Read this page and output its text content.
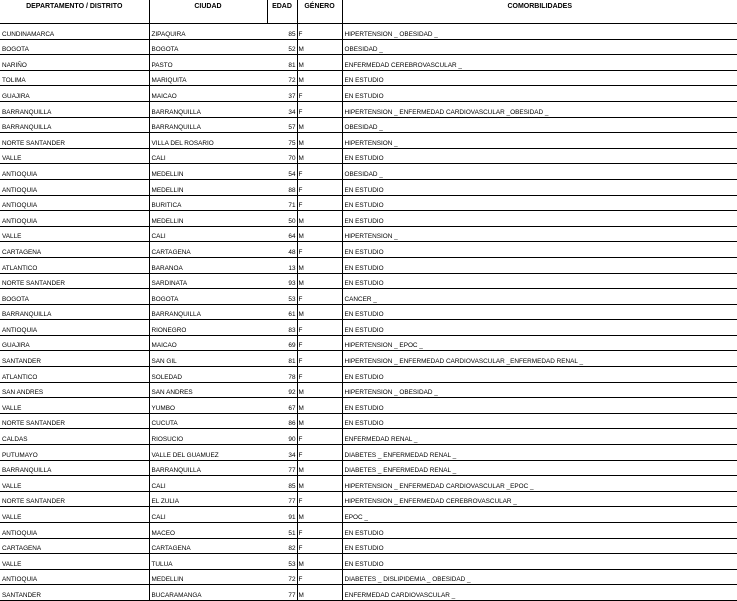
DEPARTAMENTO / DISTRITO	CIUDAD	EDAD	GÉNERO	COMORBILIDADES
CUNDINAMARCA	ZIPAQUIRA	85	F	HIPERTENSION _ OBESIDAD _
BOGOTA	BOGOTA	52	M	OBESIDAD _
NARIÑO	PASTO	81	M	ENFERMEDAD CEREBROVASCULAR _
TOLIMA	MARIQUITA	72	M	EN ESTUDIO
GUAJIRA	MAICAO	37	F	EN ESTUDIO
BARRANQUILLA	BARRANQUILLA	34	F	HIPERTENSION _ ENFERMEDAD CARDIOVASCULAR _OBESIDAD _
BARRANQUILLA	BARRANQUILLA	57	M	OBESIDAD _
NORTE SANTANDER	VILLA DEL ROSARIO	75	M	HIPERTENSION _
VALLE	CALI	70	M	EN ESTUDIO
ANTIOQUIA	MEDELLIN	54	F	OBESIDAD _
ANTIOQUIA	MEDELLIN	88	F	EN ESTUDIO
ANTIOQUIA	BURITICA	71	F	EN ESTUDIO
ANTIOQUIA	MEDELLIN	50	M	EN ESTUDIO
VALLE	CALI	64	M	HIPERTENSION _
CARTAGENA	CARTAGENA	48	F	EN ESTUDIO
ATLANTICO	BARANOA	13	M	EN ESTUDIO
NORTE SANTANDER	SARDINATA	93	M	EN ESTUDIO
BOGOTA	BOGOTA	53	F	CANCER _
BARRANQUILLA	BARRANQUILLA	61	M	EN ESTUDIO
ANTIOQUIA	RIONEGRO	83	F	EN ESTUDIO
GUAJIRA	MAICAO	69	F	HIPERTENSION _ EPOC _
SANTANDER	SAN GIL	81	F	HIPERTENSION _ ENFERMEDAD CARDIOVASCULAR _ENFERMEDAD RENAL _
ATLANTICO	SOLEDAD	78	F	EN ESTUDIO
SAN ANDRES	SAN ANDRES	92	M	HIPERTENSION _ OBESIDAD _
VALLE	YUMBO	67	M	EN ESTUDIO
NORTE SANTANDER	CUCUTA	86	M	EN ESTUDIO
CALDAS	RIOSUCIO	90	F	ENFERMEDAD RENAL _
PUTUMAYO	VALLE DEL GUAMUEZ	34	F	DIABETES _ ENFERMEDAD RENAL _
BARRANQUILLA	BARRANQUILLA	77	M	DIABETES _ ENFERMEDAD RENAL _
VALLE	CALI	85	M	HIPERTENSION _ ENFERMEDAD CARDIOVASCULAR _EPOC _
NORTE SANTANDER	EL ZULIA	77	F	HIPERTENSION _ ENFERMEDAD CEREBROVASCULAR _
VALLE	CALI	91	M	EPOC _
ANTIOQUIA	MACEO	51	F	EN ESTUDIO
CARTAGENA	CARTAGENA	82	F	EN ESTUDIO
VALLE	TULUA	53	M	EN ESTUDIO
ANTIOQUIA	MEDELLIN	72	F	DIABETES _ DISLIPIDEMIA _ OBESIDAD _
SANTANDER	BUCARAMANGA	77	M	ENFERMEDAD CARDIOVASCULAR _
